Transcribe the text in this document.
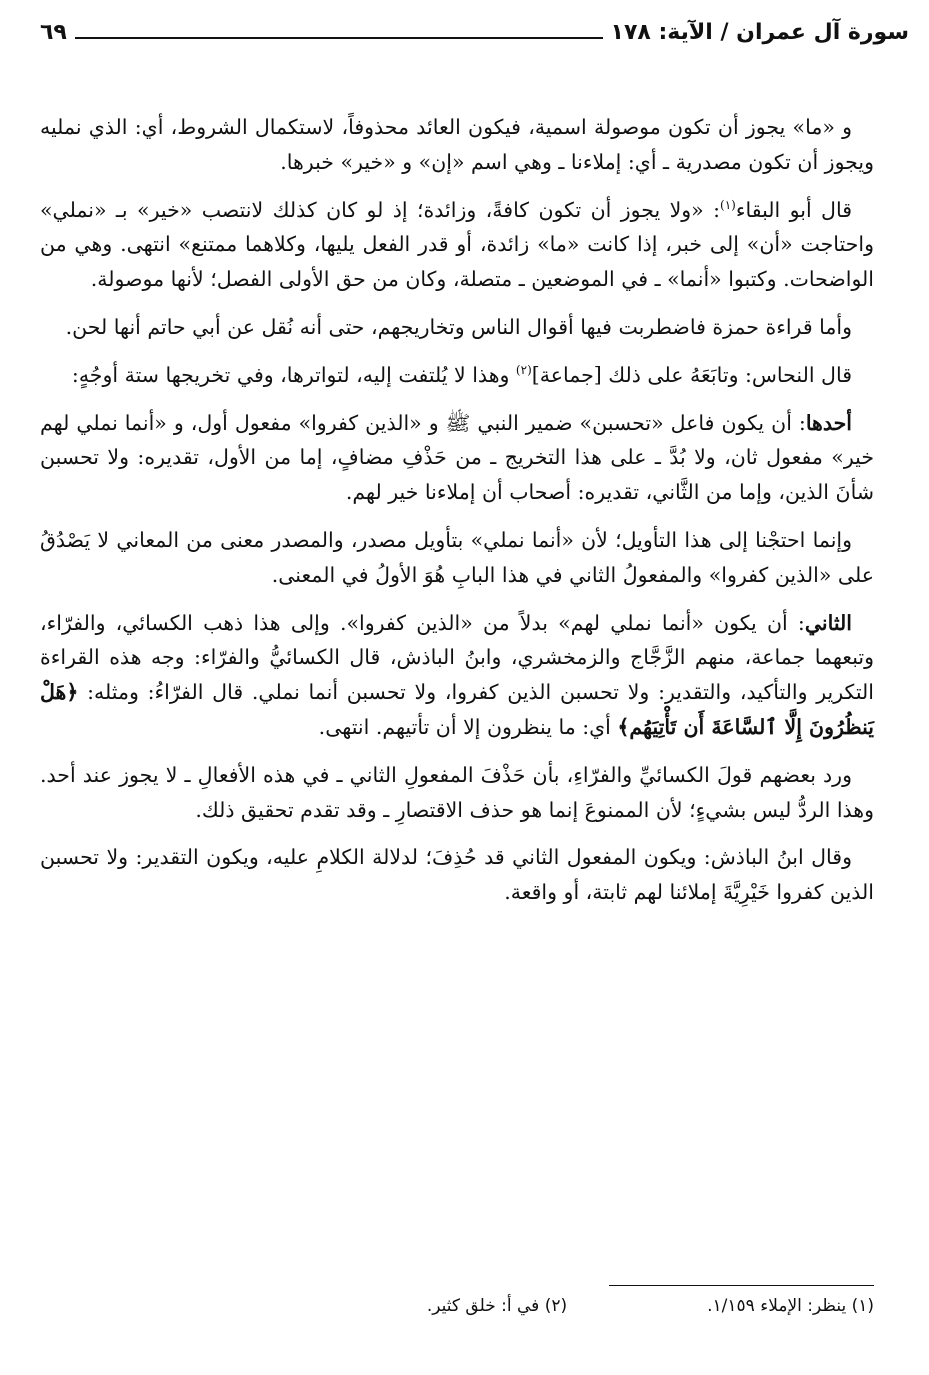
سورة آل عمران / الآية: ١٧٨
٦٩

و «ما» يجوز أن تكون موصولة اسمية، فيكون العائد محذوفاً، لاستكمال الشروط، أي: الذي نمليه ويجوز أن تكون مصدرية ـ أي: إملاءنا ـ وهي اسم «إن» و «خير» خبرها.

قال أبو البقاء$^{(١)}$: «ولا يجوز أن تكون كافةً، وزائدة؛ إذ لو كان كذلك لانتصب «خير» بـ «نملي» واحتاجت «أن» إلى خبر، إذا كانت «ما» زائدة، أو قدر الفعل يليها، وكلاهما ممتنع» انتهى. وهي من الواضحات. وكتبوا «أنما» ـ في الموضعين ـ متصلة، وكان من حق الأولى الفصل؛ لأنها موصولة.

وأما قراءة حمزة فاضطربت فيها أقوال الناس وتخاريجهم، حتى أنه نُقل عن أبي حاتم أنها لحن.

قال النحاس: وتابَعَهُ على ذلك [جماعة]$^{(٢)}$ وهذا لا يُلتفت إليه، لتواترها، وفي تخريجها ستة أوجُهٍ:

أحدها: أن يكون فاعل «تحسبن» ضمير النبي ﷺ و «الذين كفروا» مفعول أول، و «أنما نملي لهم خير» مفعول ثان، ولا بُدَّ ـ على هذا التخريج ـ من حَذْفِ مضافٍ، إما من الأول، تقديره: ولا تحسبن شأنَ الذين، وإما من الثَّاني، تقديره: أصحاب أن إملاءنا خير لهم.

وإنما احتجْنا إلى هذا التأويل؛ لأن «أنما نملي» بتأويل مصدر، والمصدر معنى من المعاني لا يَصْدُقُ على «الذين كفروا» والمفعولُ الثاني في هذا البابِ هُوَ الأولُ في المعنى.

الثاني: أن يكون «أنما نملي لهم» بدلاً من «الذين كفروا». وإلى هذا ذهب الكسائي، والفرّاء، وتبعهما جماعة، منهم الزَّجَّاج والزمخشري، وابنُ الباذش، قال الكسائيُّ والفرّاء: وجه هذه القراءة التكرير والتأكيد، والتقدير: ولا تحسبن الذين كفروا، ولا تحسبن أنما نملي. قال الفرّاءُ: ومثله: ﴿هَلْ يَنظُرُونَ إِلَّا ٱلسَّاعَةَ أَن تَأْتِيَهُم﴾ أي: ما ينظرون إلا أن تأتيهم. انتهى.

ورد بعضهم قولَ الكسائيِّ والفرّاءِ، بأن حَذْفَ المفعولِ الثاني ـ في هذه الأفعالِ ـ لا يجوز عند أحد. وهذا الردُّ ليس بشيءٍ؛ لأن الممنوعَ إنما هو حذف الاقتصارِ ـ وقد تقدم تحقيق ذلك.

وقال ابنُ الباذش: ويكون المفعول الثاني قد حُذِفَ؛ لدلالة الكلامِ عليه، ويكون التقدير: ولا تحسبن الذين كفروا خَيْرِيَّةَ إملائنا لهم ثابتة، أو واقعة.

(١) ينظر: الإملاء ١/١٥٩.
(٢) في أ: خلق كثير.
